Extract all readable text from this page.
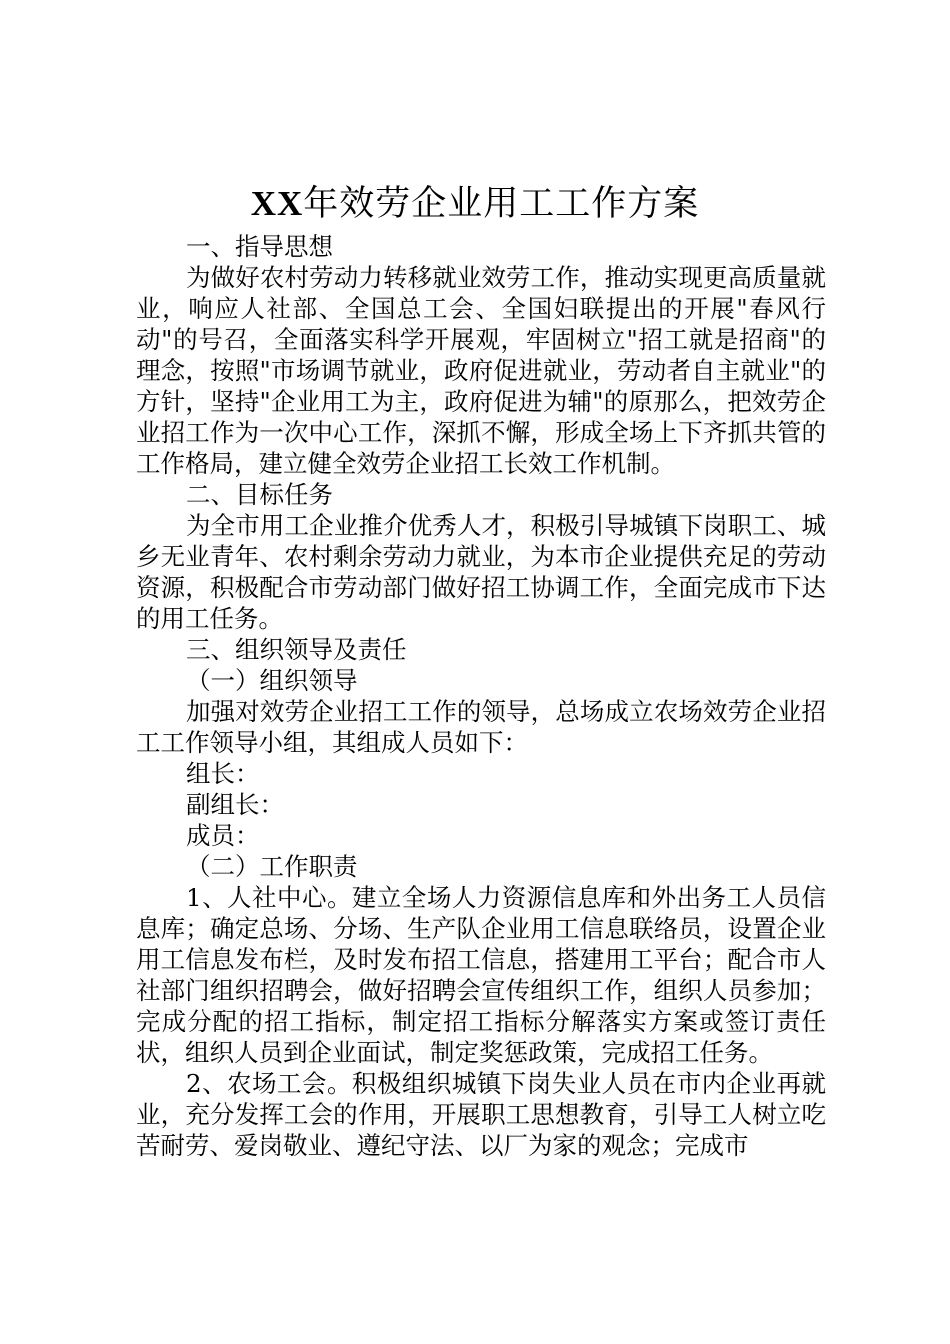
XX年效劳企业用工工作方案

一、指导思想

为做好农村劳动力转移就业效劳工作，推动实现更高质量就业，响应人社部、全国总工会、全国妇联提出的开展"春风行动"的号召，全面落实科学开展观，牢固树立"招工就是招商"的理念，按照"市场调节就业，政府促进就业，劳动者自主就业"的方针，坚持"企业用工为主，政府促进为辅"的原那么，把效劳企业招工作为一次中心工作，深抓不懈，形成全场上下齐抓共管的工作格局，建立健全效劳企业招工长效工作机制。

二、目标任务

为全市用工企业推介优秀人才，积极引导城镇下岗职工、城乡无业青年、农村剩余劳动力就业，为本市企业提供充足的劳动资源，积极配合市劳动部门做好招工协调工作，全面完成市下达的用工任务。

三、组织领导及责任

（一）组织领导

加强对效劳企业招工工作的领导，总场成立农场效劳企业招工工作领导小组，其组成人员如下：

组长：

副组长：

成员：

（二）工作职责

1、人社中心。建立全场人力资源信息库和外出务工人员信息库；确定总场、分场、生产队企业用工信息联络员，设置企业用工信息发布栏，及时发布招工信息，搭建用工平台；配合市人社部门组织招聘会，做好招聘会宣传组织工作，组织人员参加；完成分配的招工指标，制定招工指标分解落实方案或签订责任状，组织人员到企业面试，制定奖惩政策，完成招工任务。

2、农场工会。积极组织城镇下岗失业人员在市内企业再就业，充分发挥工会的作用，开展职工思想教育，引导工人树立吃苦耐劳、爱岗敬业、遵纪守法、以厂为家的观念；完成市
